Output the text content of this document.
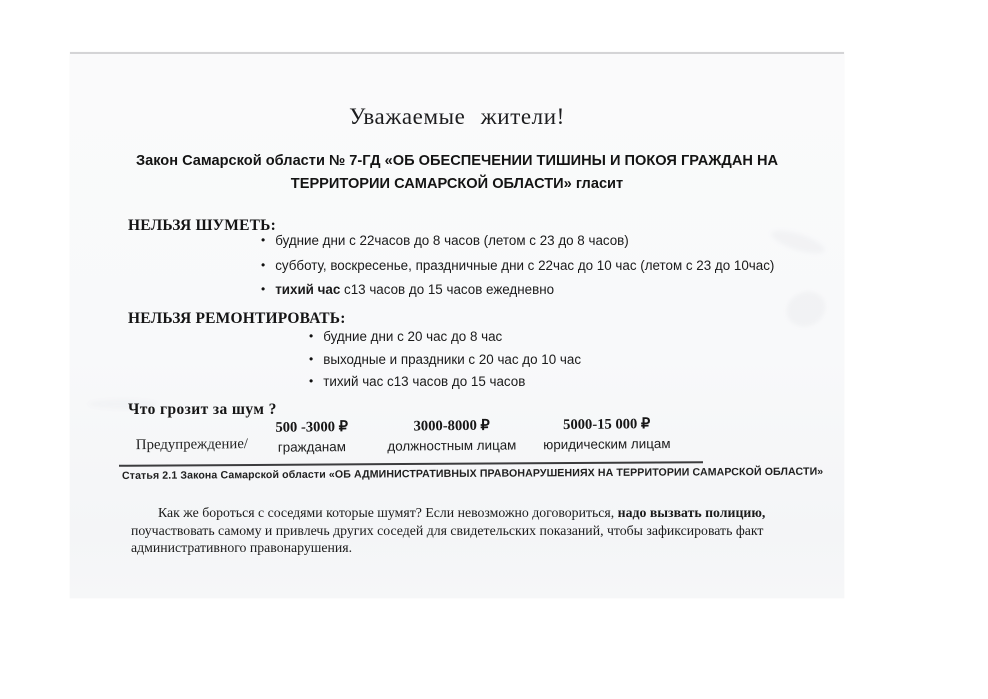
Уважаемые жители!
Закон Самарской области № 7-ГД «ОБ ОБЕСПЕЧЕНИИ ТИШИНЫ И ПОКОЯ ГРАЖДАН НА ТЕРРИТОРИИ САМАРСКОЙ ОБЛАСТИ» гласит
НЕЛЬЗЯ ШУМЕТЬ:
• будние дни с 22часов до 8 часов (летом с 23 до 8 часов)
• субботу, воскресенье, праздничные дни с 22час до 10 час (летом с 23 до 10час)
• тихий час с13 часов до 15 часов ежедневно
НЕЛЬЗЯ РЕМОНТИРОВАТЬ:
• будние дни с 20 час до 8 час
• выходные и праздники с 20 час до 10 час
• тихий час с13 часов до 15 часов
Что грозит за шум ?
Предупреждение/
500 -3000 ₽
гражданам
3000-8000 ₽
должностным лицам
5000-15 000 ₽
юридическим лицам
Статья 2.1 Закона Самарской области «ОБ АДМИНИСТРАТИВНЫХ ПРАВОНАРУШЕНИЯХ НА ТЕРРИТОРИИ САМАРСКОЙ ОБЛАСТИ»
Как же бороться с соседями которые шумят? Если невозможно договориться, надо вызвать полицию, поучаствовать самому и привлечь других соседей для свидетельских показаний, чтобы зафиксировать факт административного правонарушения.
